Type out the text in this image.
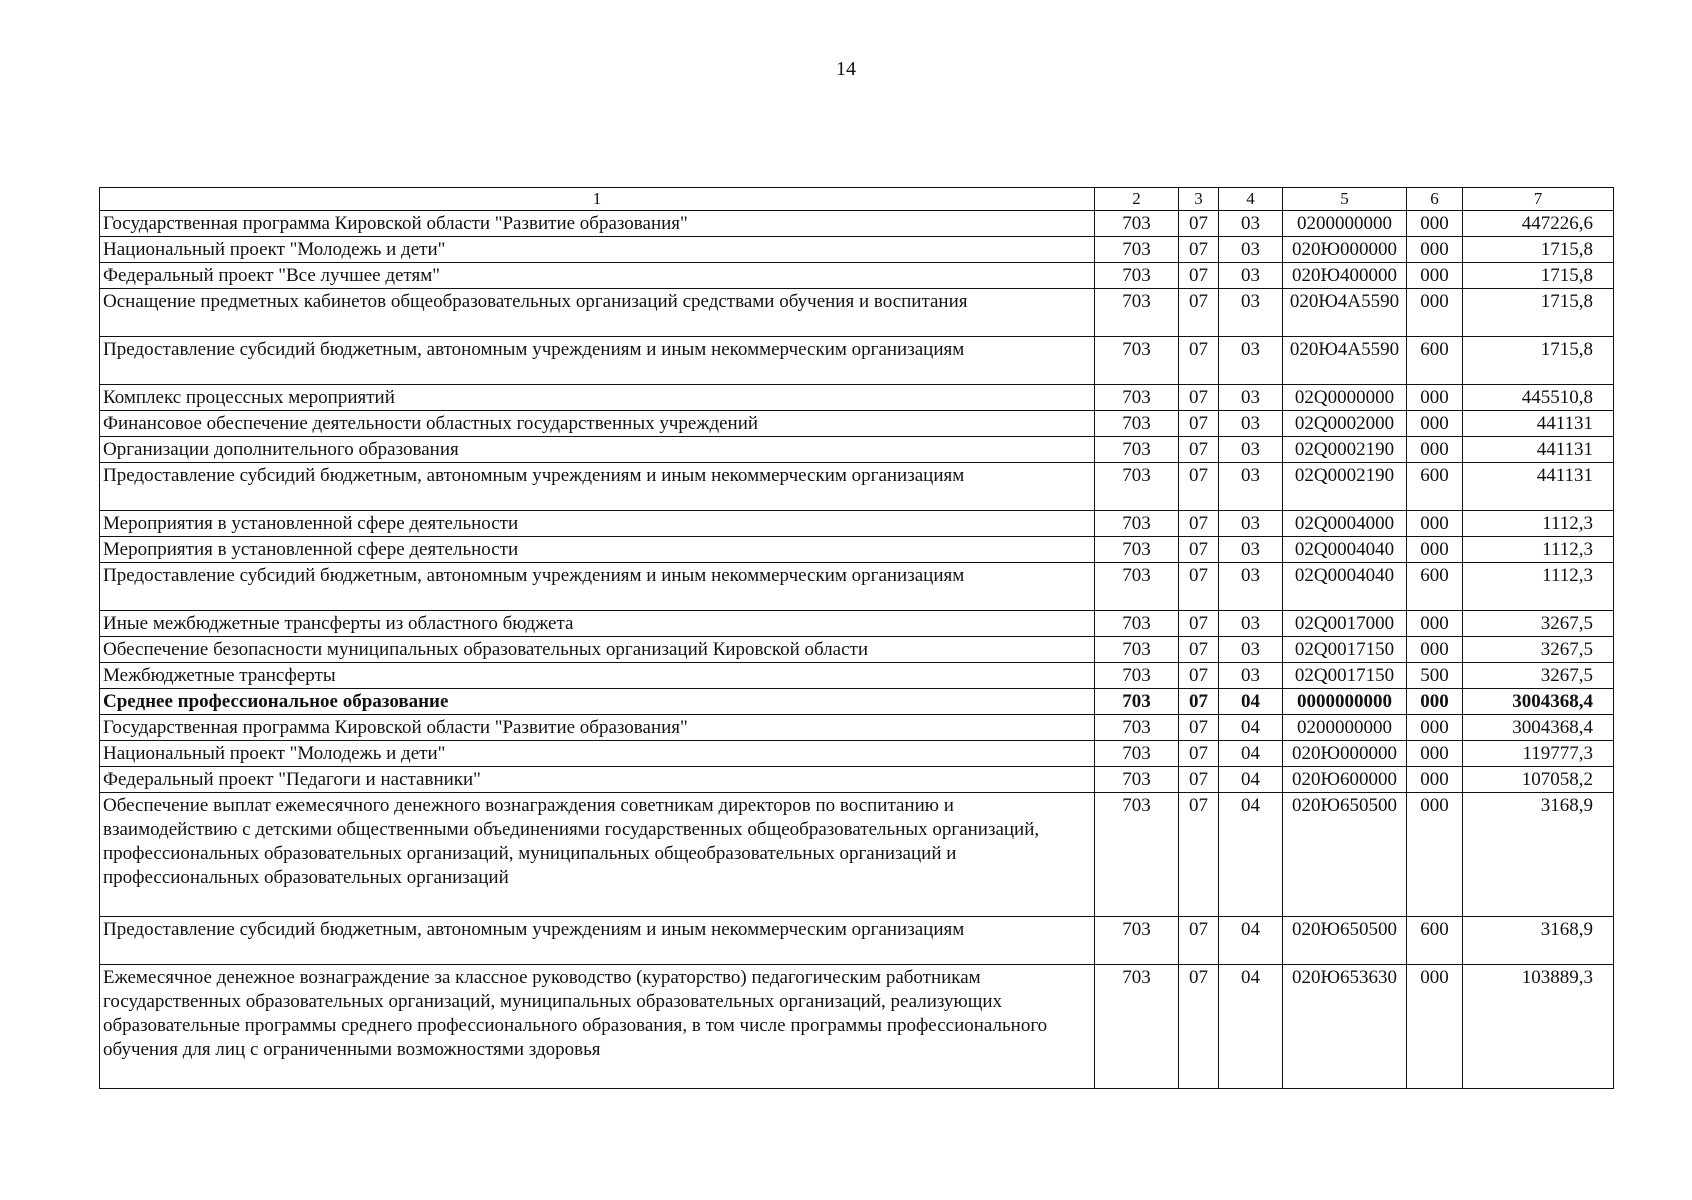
14
1	2	3	4	5	6	7
Государственная программа Кировской области "Развитие образования"	703	07	03	0200000000	000	447226,6
Национальный проект "Молодежь и дети"	703	07	03	020Ю000000	000	1715,8
Федеральный проект "Все лучшее детям"	703	07	03	020Ю400000	000	1715,8
Оснащение предметных кабинетов общеобразовательных организаций средствами обучения и воспитания	703	07	03	020Ю4А5590	000	1715,8
Предоставление субсидий бюджетным, автономным учреждениям и иным некоммерческим организациям	703	07	03	020Ю4А5590	600	1715,8
Комплекс процессных мероприятий	703	07	03	02Q0000000	000	445510,8
Финансовое обеспечение деятельности областных государственных учреждений	703	07	03	02Q0002000	000	441131
Организации дополнительного образования	703	07	03	02Q0002190	000	441131
Предоставление субсидий бюджетным, автономным учреждениям и иным некоммерческим организациям	703	07	03	02Q0002190	600	441131
Мероприятия в установленной сфере деятельности	703	07	03	02Q0004000	000	1112,3
Мероприятия в установленной сфере деятельности	703	07	03	02Q0004040	000	1112,3
Предоставление субсидий бюджетным, автономным учреждениям и иным некоммерческим организациям	703	07	03	02Q0004040	600	1112,3
Иные межбюджетные трансферты из областного бюджета	703	07	03	02Q0017000	000	3267,5
Обеспечение безопасности муниципальных образовательных организаций Кировской области	703	07	03	02Q0017150	000	3267,5
Межбюджетные трансферты	703	07	03	02Q0017150	500	3267,5
Среднее профессиональное образование	703	07	04	0000000000	000	3004368,4
Государственная программа Кировской области "Развитие образования"	703	07	04	0200000000	000	3004368,4
Национальный проект "Молодежь и дети"	703	07	04	020Ю000000	000	119777,3
Федеральный проект "Педагоги и наставники"	703	07	04	020Ю600000	000	107058,2
Обеспечение выплат ежемесячного денежного вознаграждения советникам директоров по воспитанию и взаимодействию с детскими общественными объединениями государственных общеобразовательных организаций, профессиональных образовательных организаций, муниципальных общеобразовательных организаций и профессиональных образовательных организаций	703	07	04	020Ю650500	000	3168,9
Предоставление субсидий бюджетным, автономным учреждениям и иным некоммерческим организациям	703	07	04	020Ю650500	600	3168,9
Ежемесячное денежное вознаграждение за классное руководство (кураторство) педагогическим работникам государственных образовательных организаций, муниципальных образовательных организаций, реализующих образовательные программы среднего профессионального образования, в том числе программы профессионального обучения для лиц с ограниченными возможностями здоровья	703	07	04	020Ю653630	000	103889,3
